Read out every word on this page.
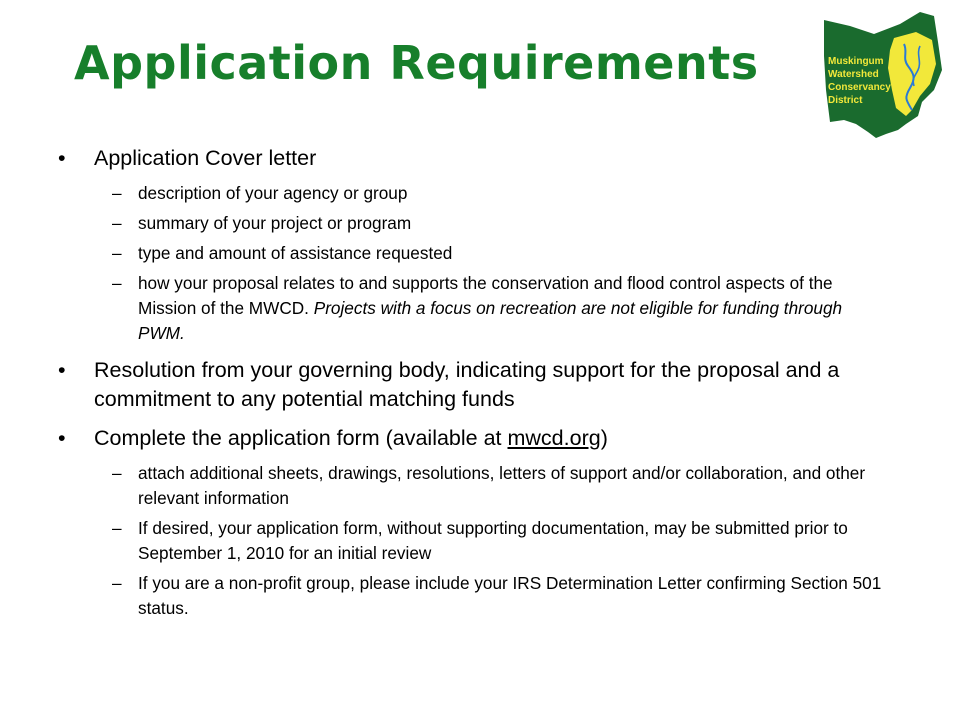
Application Requirements	Muskingum
Watershed
Conservancy
District
•	Application Cover letter
– description of your agency or group
– summary of your project or program
– type and amount of assistance requested
– how your proposal relates to and supports the conservation and flood control aspects of the Mission of the MWCD. Projects with a focus on recreation are not eligible for funding through PWM.
•	Resolution from your governing body, indicating support for the proposal and a commitment to any potential matching funds
•	Complete the application form (available at mwcd.org)
– attach additional sheets, drawings, resolutions, letters of support and/or collaboration, and other relevant information
– If desired, your application form, without supporting documentation, may be submitted prior to September 1, 2010 for an initial review
– If you are a non-profit group, please include your IRS Determination Letter confirming Section 501 status.
